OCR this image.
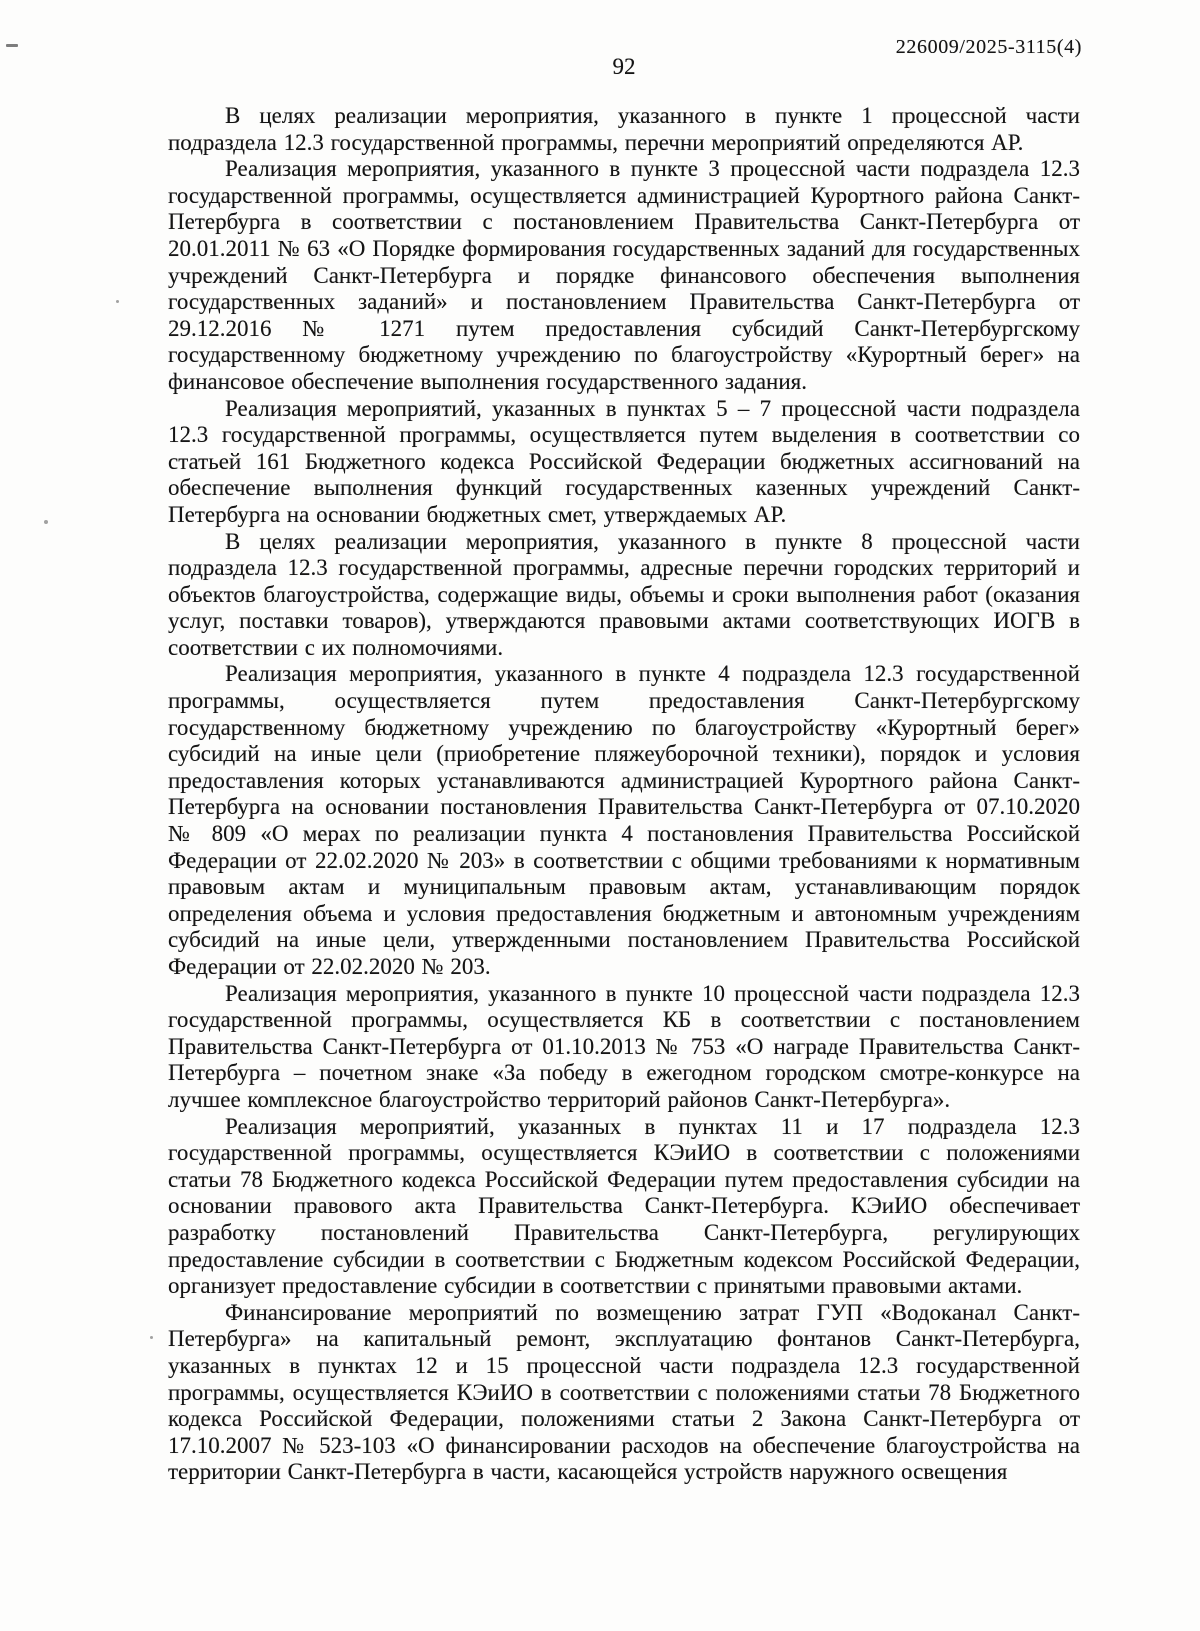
226009/2025-3115(4)
92

В целях реализации мероприятия, указанного в пункте 1 процессной части подраздела 12.3 государственной программы, перечни мероприятий определяются АР.

Реализация мероприятия, указанного в пункте 3 процессной части подраздела 12.3 государственной программы, осуществляется администрацией Курортного района Санкт-Петербурга в соответствии с постановлением Правительства Санкт-Петербурга от 20.01.2011 № 63 «О Порядке формирования государственных заданий для государственных учреждений Санкт-Петербурга и порядке финансового обеспечения выполнения государственных заданий» и постановлением Правительства Санкт-Петербурга от 29.12.2016 № 1271 путем предоставления субсидий Санкт-Петербургскому государственному бюджетному учреждению по благоустройству «Курортный берег» на финансовое обеспечение выполнения государственного задания.

Реализация мероприятий, указанных в пунктах 5 – 7 процессной части подраздела 12.3 государственной программы, осуществляется путем выделения в соответствии со статьей 161 Бюджетного кодекса Российской Федерации бюджетных ассигнований на обеспечение выполнения функций государственных казенных учреждений Санкт-Петербурга на основании бюджетных смет, утверждаемых АР.

В целях реализации мероприятия, указанного в пункте 8 процессной части подраздела 12.3 государственной программы, адресные перечни городских территорий и объектов благоустройства, содержащие виды, объемы и сроки выполнения работ (оказания услуг, поставки товаров), утверждаются правовыми актами соответствующих ИОГВ в соответствии с их полномочиями.

Реализация мероприятия, указанного в пункте 4 подраздела 12.3 государственной программы, осуществляется путем предоставления Санкт-Петербургскому государственному бюджетному учреждению по благоустройству «Курортный берег» субсидий на иные цели (приобретение пляжеуборочной техники), порядок и условия предоставления которых устанавливаются администрацией Курортного района Санкт-Петербурга на основании постановления Правительства Санкт-Петербурга от 07.10.2020 № 809 «О мерах по реализации пункта 4 постановления Правительства Российской Федерации от 22.02.2020 № 203» в соответствии с общими требованиями к нормативным правовым актам и муниципальным правовым актам, устанавливающим порядок определения объема и условия предоставления бюджетным и автономным учреждениям субсидий на иные цели, утвержденными постановлением Правительства Российской Федерации от 22.02.2020 № 203.

Реализация мероприятия, указанного в пункте 10 процессной части подраздела 12.3 государственной программы, осуществляется КБ в соответствии с постановлением Правительства Санкт-Петербурга от 01.10.2013 № 753 «О награде Правительства Санкт-Петербурга – почетном знаке «За победу в ежегодном городском смотре-конкурсе на лучшее комплексное благоустройство территорий районов Санкт-Петербурга».

Реализация мероприятий, указанных в пунктах 11 и 17 подраздела 12.3 государственной программы, осуществляется КЭиИО в соответствии с положениями статьи 78 Бюджетного кодекса Российской Федерации путем предоставления субсидии на основании правового акта Правительства Санкт-Петербурга. КЭиИО обеспечивает разработку постановлений Правительства Санкт-Петербурга, регулирующих предоставление субсидии в соответствии с Бюджетным кодексом Российской Федерации, организует предоставление субсидии в соответствии с принятыми правовыми актами.

Финансирование мероприятий по возмещению затрат ГУП «Водоканал Санкт-Петербурга» на капитальный ремонт, эксплуатацию фонтанов Санкт-Петербурга, указанных в пунктах 12 и 15 процессной части подраздела 12.3 государственной программы, осуществляется КЭиИО в соответствии с положениями статьи 78 Бюджетного кодекса Российской Федерации, положениями статьи 2 Закона Санкт-Петербурга от 17.10.2007 № 523-103 «О финансировании расходов на обеспечение благоустройства на территории Санкт-Петербурга в части, касающейся устройств наружного освещения
